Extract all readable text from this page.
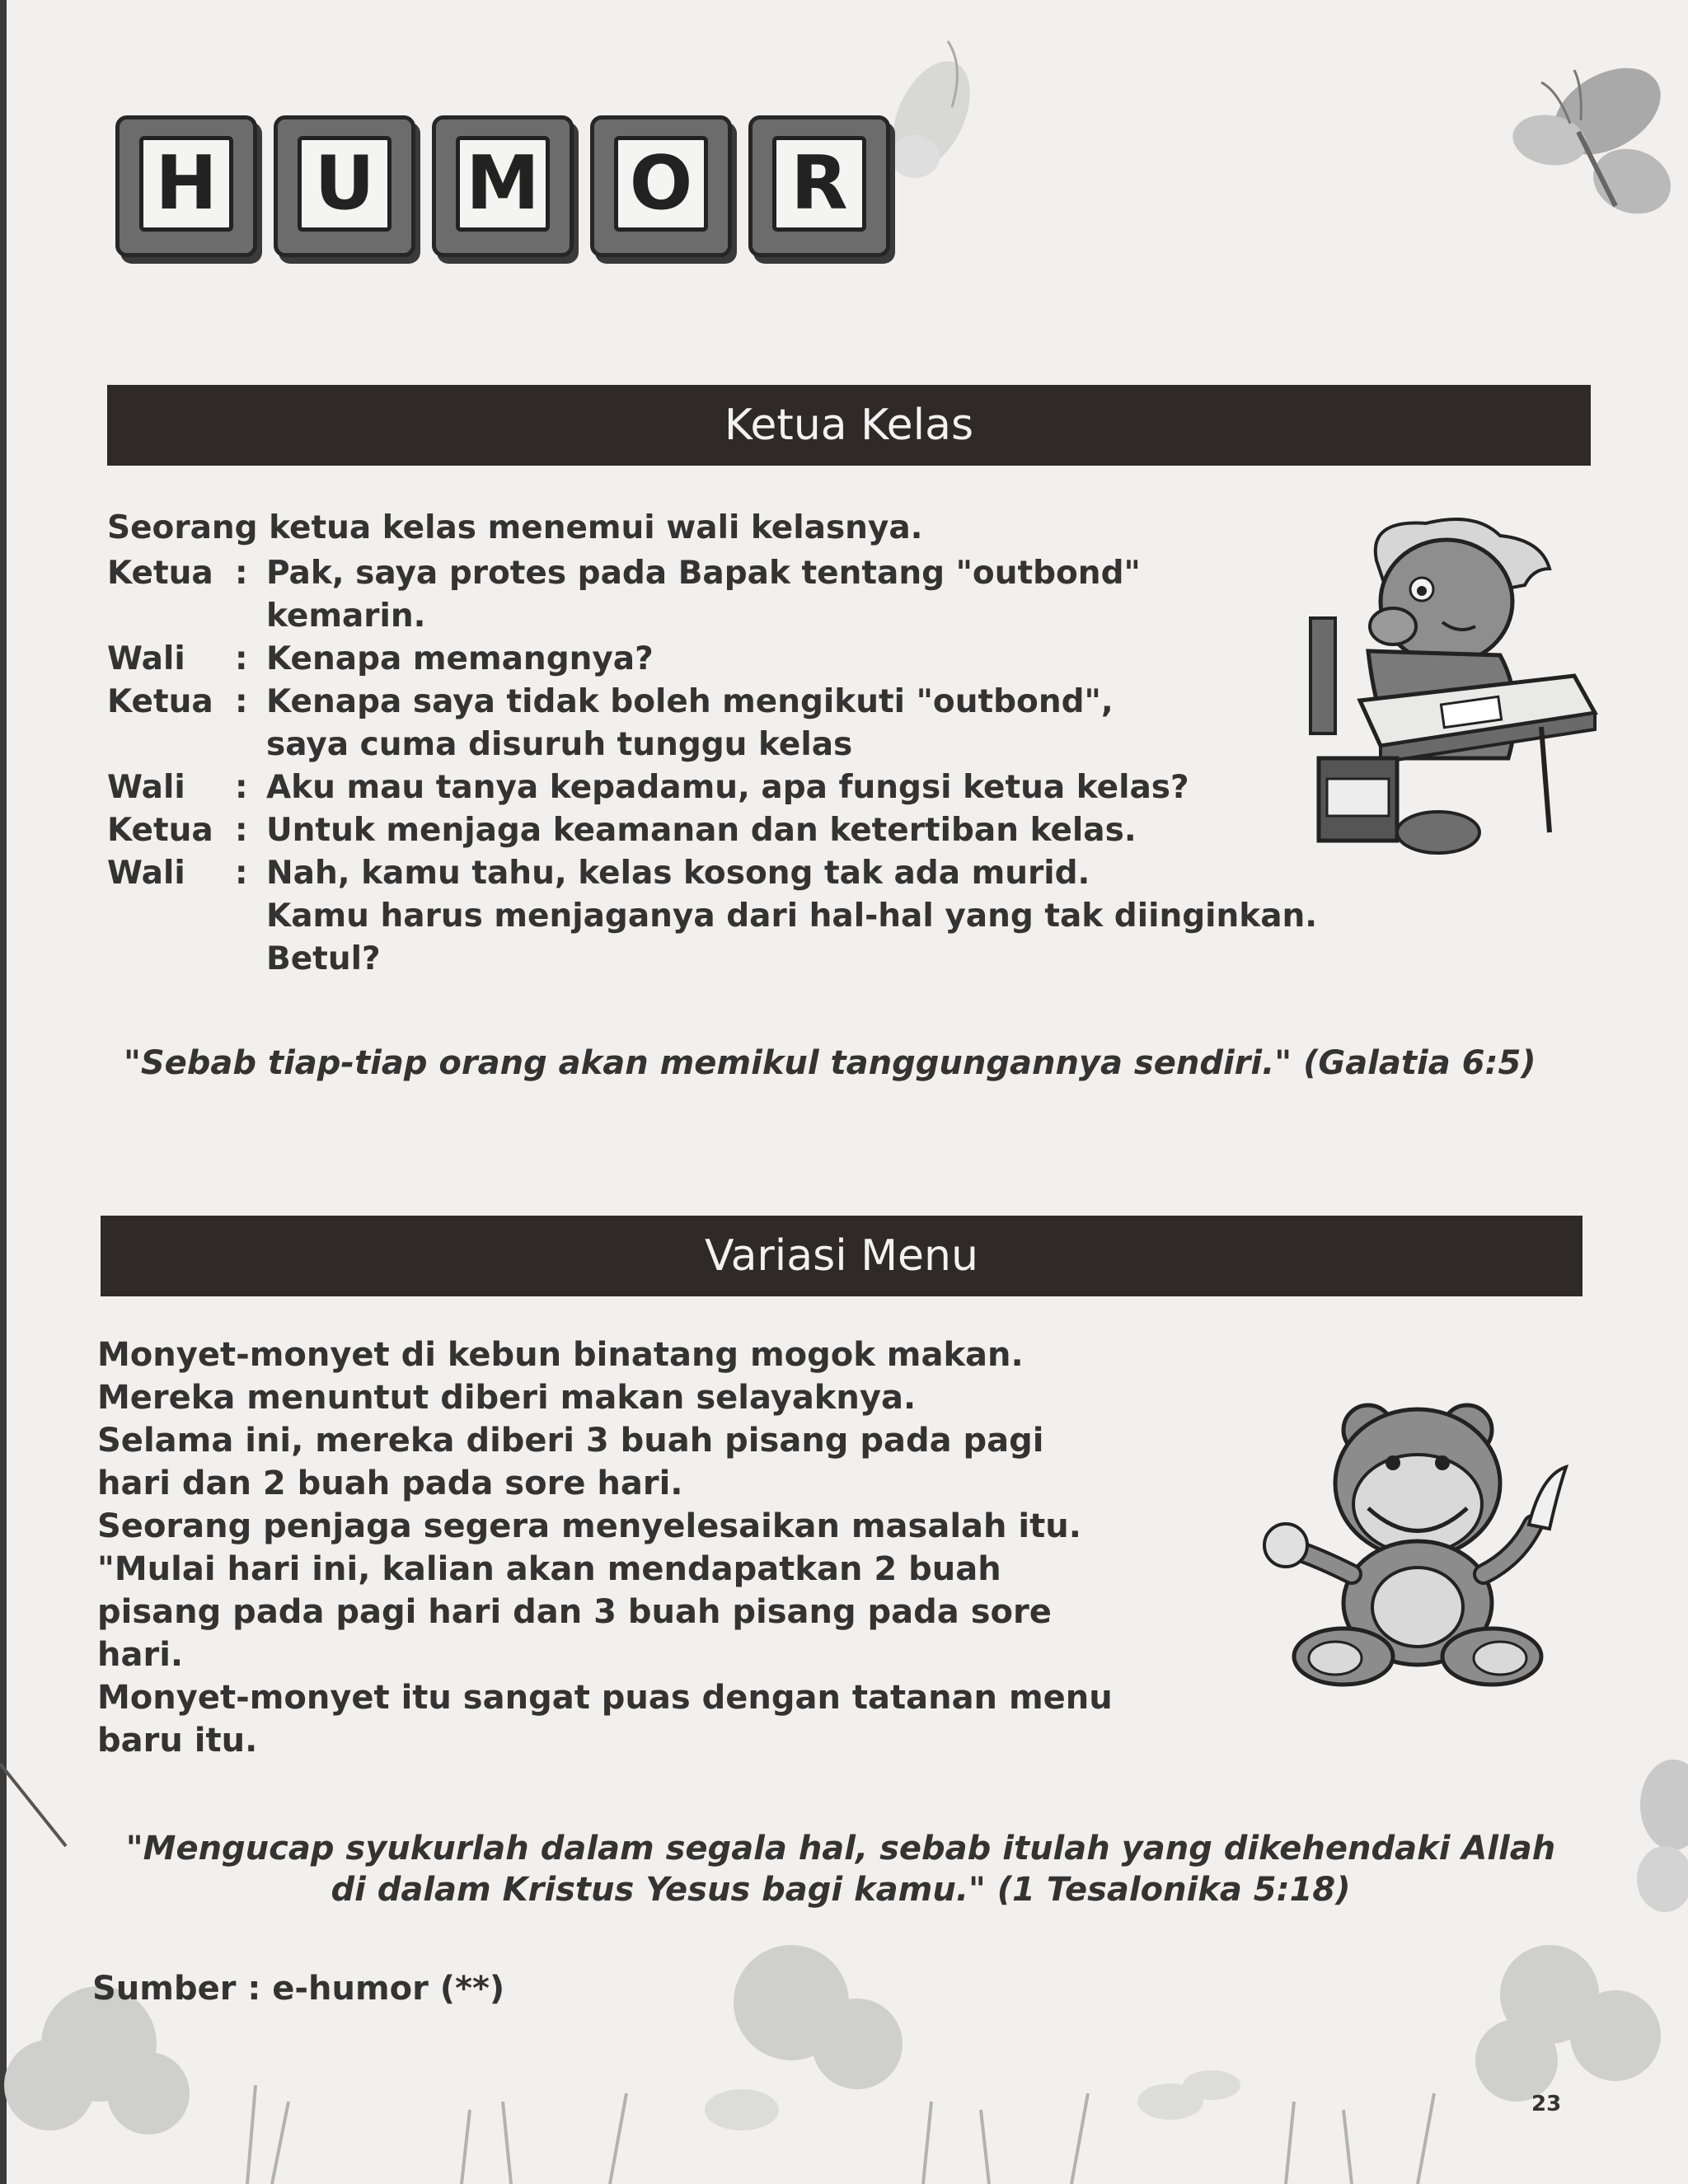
H U M O R
Ketua Kelas
Seorang ketua kelas menemui wali kelasnya.
Ketua : Pak, saya protes pada Bapak tentang "outbond"
kemarin.
Wali	: Kenapa memangnya?
Ketua : Kenapa saya tidak boleh mengikuti "outbond",
saya cuma disuruh tunggu kelas
Wali	: Aku mau tanya kepadamu, apa fungsi ketua kelas?
Ketua : Untuk menjaga keamanan dan ketertiban kelas.
Wali	: Nah, kamu tahu, kelas kosong tak ada murid.
Kamu harus menjaganya dari hal-hal yang tak diinginkan.
Betul?
"Sebab tiap-tiap orang akan memikul tanggungannya sendiri." (Galatia 6:5)
Variasi Menu
Monyet-monyet di kebun binatang mogok makan.
Mereka menuntut diberi makan selayaknya.
Selama ini, mereka diberi 3 buah pisang pada pagi
hari dan 2 buah pada sore hari.
Seorang penjaga segera menyelesaikan masalah itu.
"Mulai hari ini, kalian akan mendapatkan 2 buah
pisang pada pagi hari dan 3 buah pisang pada sore
hari.
Monyet-monyet itu sangat puas dengan tatanan menu
baru itu.
"Mengucap syukurlah dalam segala hal, sebab itulah yang dikehendaki Allah
di dalam Kristus Yesus bagi kamu." (1 Tesalonika 5:18)
Sumber : e-humor (**)
23
